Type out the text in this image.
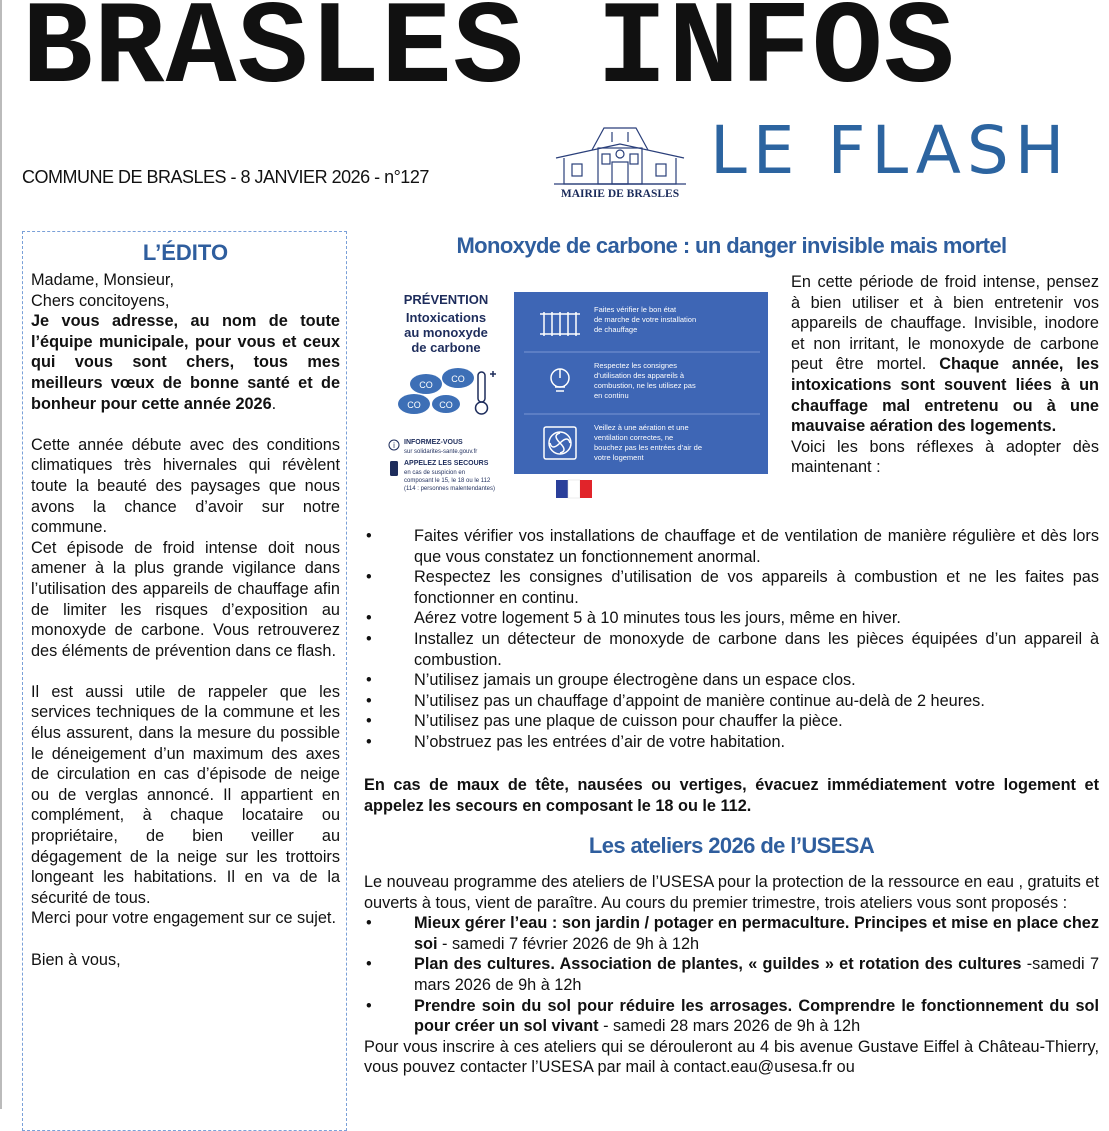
BRASLES INFOS
COMMUNE DE BRASLES - 8 JANVIER 2026 - n°127
MAIRIE DE BRASLES
LE FLASH
L’ÉDITO

Madame, Monsieur,

Chers concitoyens,

Je vous adresse, au nom de toute l’équipe municipale, pour vous et ceux qui vous sont chers, tous mes meilleurs vœux de bonne santé et de bonheur pour cette année 2026.

Cette année débute avec des conditions climatiques très hivernales qui révèlent toute la beauté des paysages que nous avons la chance d’avoir sur notre commune.

Cet épisode de froid intense doit nous amener à la plus grande vigilance dans l’utilisation des appareils de chauffage afin de limiter les risques d’exposition au monoxyde de carbone. Vous retrouverez des éléments de prévention dans ce flash.

Il est aussi utile de rappeler que les services techniques de la commune et les élus assurent, dans la mesure du possible le déneigement d’un maximum des axes de circulation en cas d’épisode de neige ou de verglas annoncé. Il appartient en complément, à chaque locataire ou propriétaire, de bien veiller au dégagement de la neige sur les trottoirs longeant les habitations. Il en va de la sécurité de tous.

Merci pour votre engagement sur ce sujet.

Bien à vous,

Monoxyde de carbone : un danger invisible mais mortel
PRÉVENTION
Intoxications
au monoxyde
de carbone
CO
CO
CO CO
i INFORMEZ-VOUS
sur solidarites-sante.gouv.fr
APPELEZ LES SECOURS
en cas de suspicion en
composant le 15, le 18 ou le 112
(114 : personnes malentendantes)
Faites vérifier le bon état
de marche de votre installation
de chauffage
Respectez les consignes
d’utilisation des appareils à
combustion, ne les utilisez pas
en continu
Veillez à une aération et une
ventilation correctes, ne
bouchez pas les entrées d’air de
votre logement
En cette période de froid intense, pensez à bien utiliser et à bien entretenir vos appareils de chauffage. Invisible, inodore et non irritant, le monoxyde de carbone peut être mortel. Chaque année, les intoxications sont souvent liées à un chauffage mal entretenu ou à une mauvaise aération des logements.
Voici les bons réflexes à adopter dès maintenant :
• Faites vérifier vos installations de chauffage et de ventilation de manière régulière et dès lors que vous constatez un fonctionnement anormal.
• Respectez les consignes d’utilisation de vos appareils à combustion et ne les faites pas fonctionner en continu.
• Aérez votre logement 5 à 10 minutes tous les jours, même en hiver.
• Installez un détecteur de monoxyde de carbone dans les pièces équipées d’un appareil à combustion.
• N’utilisez jamais un groupe électrogène dans un espace clos.
• N’utilisez pas un chauffage d’appoint de manière continue au-delà de 2 heures.
• N’utilisez pas une plaque de cuisson pour chauffer la pièce.
• N’obstruez pas les entrées d’air de votre habitation.
En cas de maux de tête, nausées ou vertiges, évacuez immédiatement votre logement et appelez les secours en composant le 18 ou le 112.
Les ateliers 2026 de l’USESA
Le nouveau programme des ateliers de l’USESA pour la protection de la ressource en eau , gratuits et ouverts à tous, vient de paraître. Au cours du premier trimestre, trois ateliers vous sont proposés :
• Mieux gérer l’eau : son jardin / potager en permaculture. Principes et mise en place chez soi - samedi 7 février 2026 de 9h à 12h
• Plan des cultures. Association de plantes, « guildes » et rotation des cultures -samedi 7 mars 2026 de 9h à 12h
• Prendre soin du sol pour réduire les arrosages. Comprendre le fonctionnement du sol pour créer un sol vivant - samedi 28 mars 2026 de 9h à 12h
Pour vous inscrire à ces ateliers qui se dérouleront au 4 bis avenue Gustave Eiffel à Château-Thierry, vous pouvez contacter l’USESA par mail à contact.eau@usesa.fr ou
